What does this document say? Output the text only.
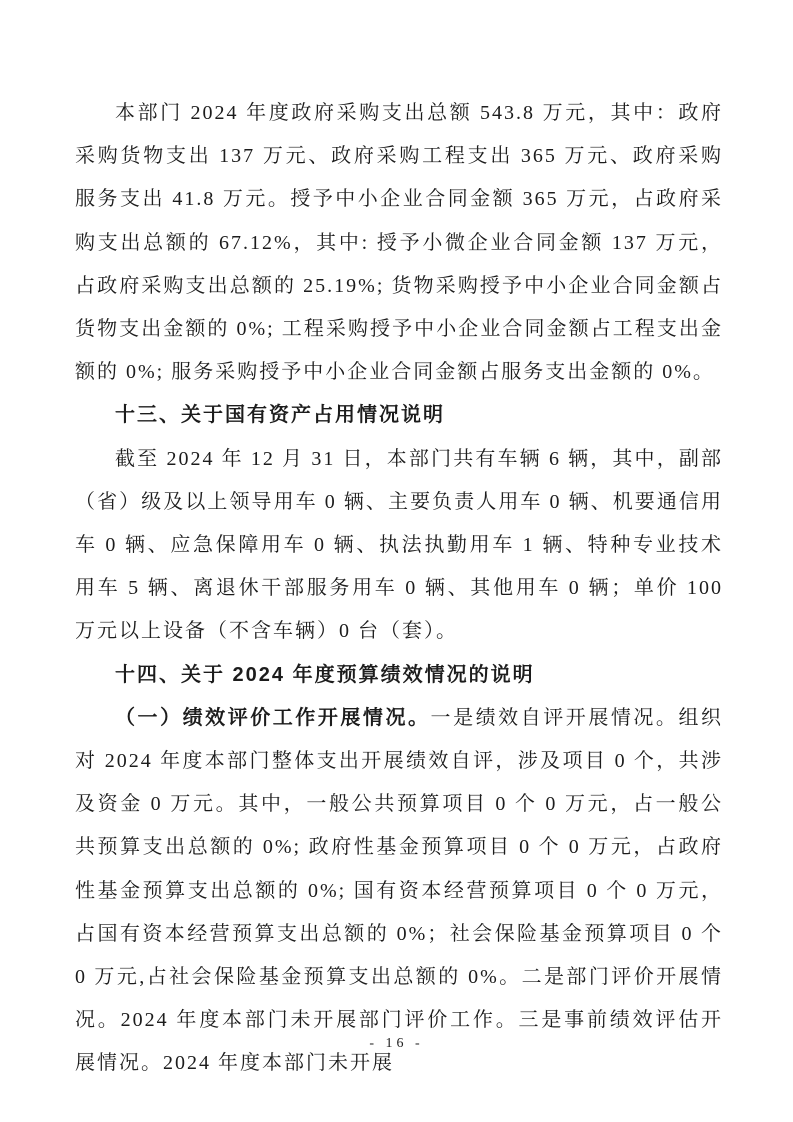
本部门 2024 年度政府采购支出总额 543.8 万元，其中：政府采购货物支出 137 万元、政府采购工程支出 365 万元、政府采购服务支出 41.8 万元。授予中小企业合同金额 365 万元，占政府采购支出总额的 67.12%，其中: 授予小微企业合同金额 137 万元，占政府采购支出总额的 25.19%; 货物采购授予中小企业合同金额占货物支出金额的 0%; 工程采购授予中小企业合同金额占工程支出金额的 0%; 服务采购授予中小企业合同金额占服务支出金额的 0%。

十三、关于国有资产占用情况说明

截至 2024 年 12 月 31 日，本部门共有车辆 6 辆，其中，副部（省）级及以上领导用车 0 辆、主要负责人用车 0 辆、机要通信用车 0 辆、应急保障用车 0 辆、执法执勤用车 1 辆、特种专业技术用车 5 辆、离退休干部服务用车 0 辆、其他用车 0 辆；单价 100 万元以上设备（不含车辆）0 台（套）。

十四、关于 2024 年度预算绩效情况的说明

（一）绩效评价工作开展情况。一是绩效自评开展情况。组织对 2024 年度本部门整体支出开展绩效自评，涉及项目 0 个，共涉及资金 0 万元。其中，一般公共预算项目 0 个 0 万元，占一般公共预算支出总额的 0%; 政府性基金预算项目 0 个 0 万元，占政府性基金预算支出总额的 0%; 国有资本经营预算项目 0 个 0 万元，占国有资本经营预算支出总额的 0%；社会保险基金预算项目 0 个 0 万元,占社会保险基金预算支出总额的 0%。二是部门评价开展情况。2024 年度本部门未开展部门评价工作。三是事前绩效评估开展情况。2024 年度本部门未开展

- 16 -
